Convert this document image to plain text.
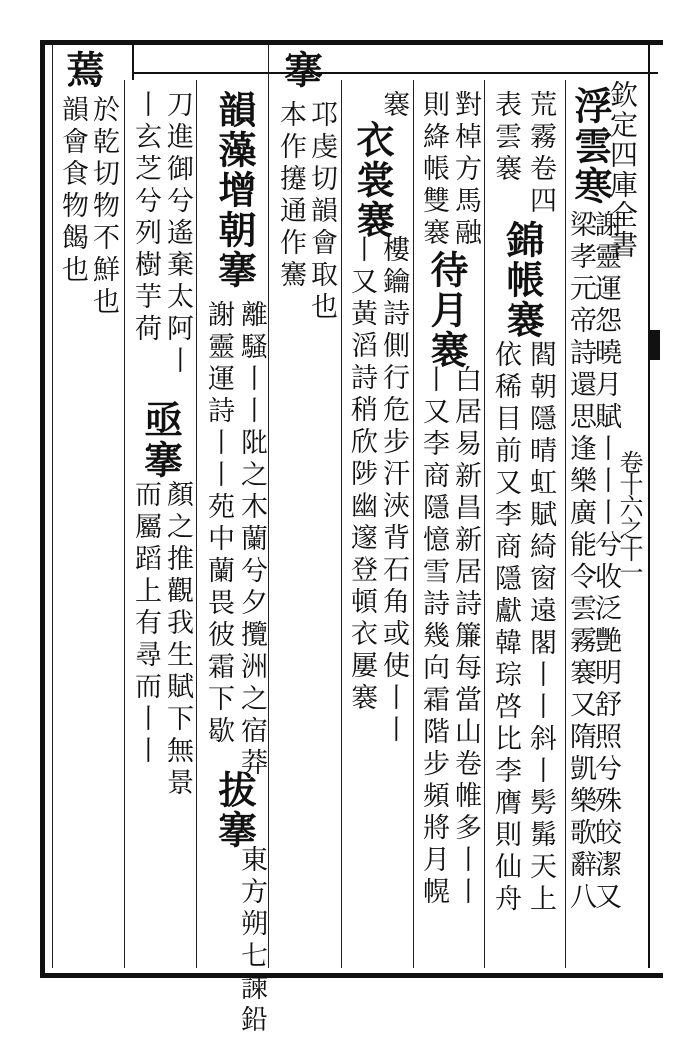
欽定四庫全書
卷十六之十一
浮雲寒
謝靈運怨曉月賦丨丨丨兮收泛艷明舒照兮殊皎潔又
梁孝元帝詩還思逢樂廣能令雲霧褰又隋凱樂歌辭八
荒霧卷四
表雲褰
錦帳褰
閻朝隱晴虹賦綺窗遠閣丨丨斜丨髣髴天上
依稀目前又李商隱獻韓琮啓比李膺則仙舟
對棹方馬融
則絳帳雙褰
待月褰
白居易新昌新居詩簾每當山卷帷多丨丨
丨又李商隱憶雪詩幾向霜階步頻將月幌
褰
衣裳褰
樓鑰詩側行危步汗浹背石角或使丨丨
丨又黃滔詩稍欣陟幽邃登頓衣屢褰
搴
邛虔切韻會取也
本作攓通作騫
韻藻增朝搴
離騷丨丨阰之木蘭兮夕攬洲之宿莽
謝靈運詩丨丨苑中蘭畏彼霜下歇
拔搴
東方朔七諫鉛
刀進御兮遙棄太阿丨
丨玄芝兮列樹芋荷
亟搴
顏之推觀我生賦下無景
而屬蹈上有尋而丨丨
蔫
於乾切物不鮮也
韻會食物餲也
